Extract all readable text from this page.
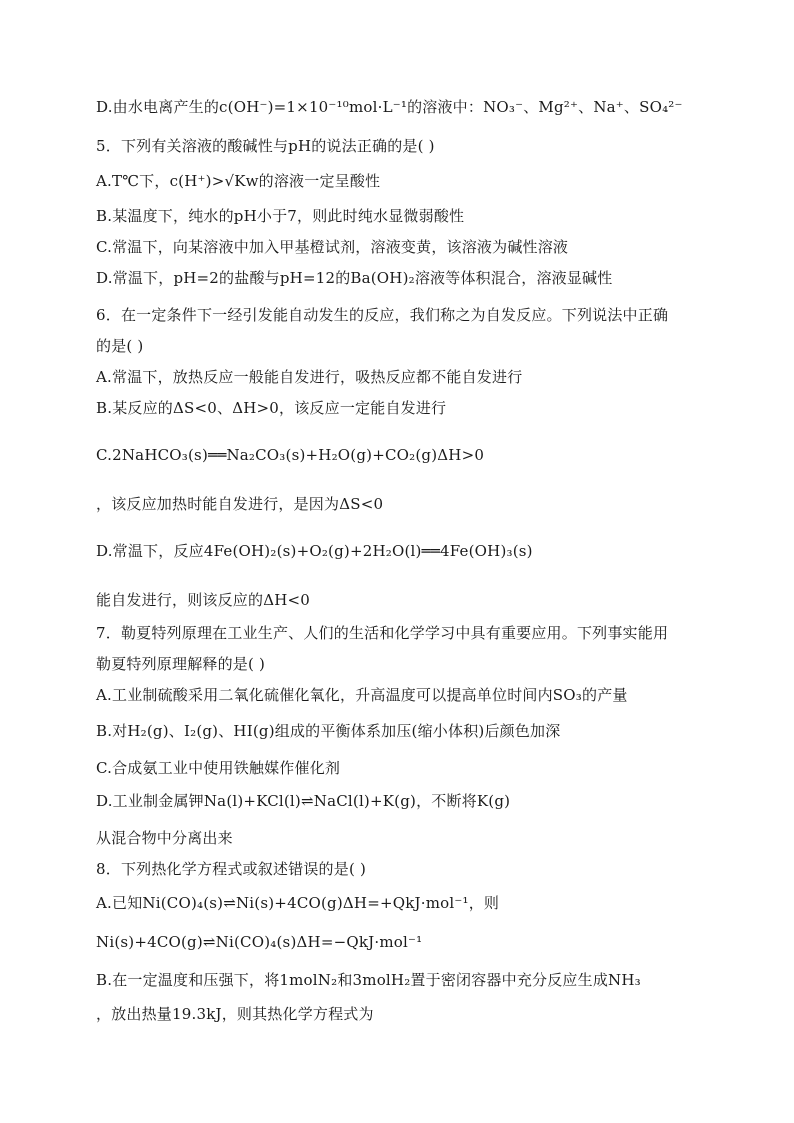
D.由水电离产生的c(OH⁻)=1×10⁻¹⁰mol·L⁻¹的溶液中：NO₃⁻、Mg²⁺、Na⁺、SO₄²⁻
5．下列有关溶液的酸碱性与pH的说法正确的是( )
A.T℃下，c(H⁺)>√Kw的溶液一定呈酸性
B.某温度下，纯水的pH小于7，则此时纯水显微弱酸性
C.常温下，向某溶液中加入甲基橙试剂，溶液变黄，该溶液为碱性溶液
D.常温下，pH=2的盐酸与pH=12的Ba(OH)₂溶液等体积混合，溶液显碱性
6．在一定条件下一经引发能自动发生的反应，我们称之为自发反应。下列说法中正确
的是( )
A.常温下，放热反应一般能自发进行，吸热反应都不能自发进行
B.某反应的ΔS<0、ΔH>0，该反应一定能自发进行
C.2NaHCO₃(s)══Na₂CO₃(s)+H₂O(g)+CO₂(g)ΔH>0
，该反应加热时能自发进行，是因为ΔS<0
D.常温下，反应4Fe(OH)₂(s)+O₂(g)+2H₂O(l)══4Fe(OH)₃(s)
能自发进行，则该反应的ΔH<0
7．勒夏特列原理在工业生产、人们的生活和化学学习中具有重要应用。下列事实能用
勒夏特列原理解释的是( )
A.工业制硫酸采用二氧化硫催化氧化，升高温度可以提高单位时间内SO₃的产量
B.对H₂(g)、I₂(g)、HI(g)组成的平衡体系加压(缩小体积)后颜色加深
C.合成氨工业中使用铁触媒作催化剂
D.工业制金属钾Na(l)+KCl(l)⇌NaCl(l)+K(g)，不断将K(g)
从混合物中分离出来
8．下列热化学方程式或叙述错误的是( )
A.已知Ni(CO)₄(s)⇌Ni(s)+4CO(g)ΔH=+QkJ·mol⁻¹，则
Ni(s)+4CO(g)⇌Ni(CO)₄(s)ΔH=−QkJ·mol⁻¹
B.在一定温度和压强下，将1molN₂和3molH₂置于密闭容器中充分反应生成NH₃
，放出热量19.3kJ，则其热化学方程式为
